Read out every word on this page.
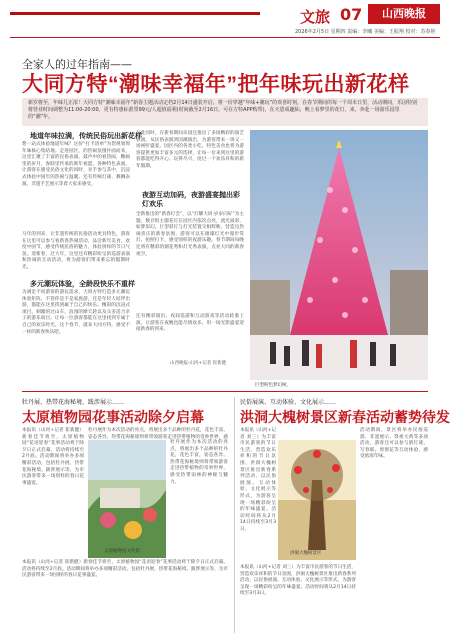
文旅 07	山西晚报
2026年2月5日 星期四 责编：李曦 美编：王振翔 校对：苏春艳
全家人的过年指南——
大同方特“潮味幸福年”把年味玩出新花样
新岁将至，年味儿正浓！大同方特“潮味幸福年”新春主题活动定档2月14日盛装开启。将一份穿越“年味+潮玩”的欢喜时刻，在春节期间的每一个周末日里，活动期间，乐园特别将营业时间调整为11:00-20:00，更有特惠标准票99元/人超值福利(时间截至2月16日，可在方特APP购票)，在天恩成趣仙、晚上看梦里的花灯，来，奔赴一场游乐园里的“潮”年。
地道年味拉满，传统民俗玩出新花样
想一站式体验地道年味？这份“打卡清单”为您规划周年味核心集结地。走进园区，的热闹氛围扑面而来，这里汇聚了丰富的民俗表演，鼓声中的看热闹，糖画里的岁月，春联里传承的新年祝愿。各种特色表演，让游客在感受民俗文化的同时，亲手参与其中，沉浸式体验中国年的热闹与温暖。还有传统灯谜、舞狮表演、非遗手艺展示等着大家来感受。
马年的到来，让非遗传统的民俗活动更具特色，游客在这里可以参与看新春热闹活动，品尝新年美食，欢度中国节，感受传统民俗的魅力，体验别样的节日气氛。迎新春，过大年，这里还有精彩纷呈的巡游表演和热闹的互动活动，将为游客们带来难忘的假期时光。
多元潮玩体验，全龄段快乐不重样
为满足不同游客的游玩需求，大同方特打造多元潮玩体验矩阵，不管你是不是家族游，还是年轻人结伴出游，都能在这里找到属于自己的快乐。精彩的沉浸式项目、刺激的过山车、浪漫的摩天轮以及众多适合亲子的游乐项目，让每一位游客都能在这里找到专属于自己的欢乐时光。这个春节，就来大同方特，感受不一样的新春快乐吧。
与此同时，在新春期间乐园还推出了多场精彩的演艺表演，从民俗表演到国潮演出，为游客带来一场又一场视听盛宴。园区内的各类小吃、特色美食也将为游客提供更加丰富多元的选择，让每一位来到这里的游客都能吃得开心、玩得尽兴，度过一个欢乐祥和的新年假期。
夜游互动加码，夜游盛宴抛出彩灯欢乐
全新推出的“新春灯会”，以“灯耀大同·岁岁向好”为主题，数百组主题花灯在园区内依次点亮，流光溢彩，如梦似幻。巨型彩灯与灯光装置交相辉映，营造出热闹喜庆的新春氛围，游客可以在璀璨灯光中漫步赏灯、拍照打卡，感受别样的夜游乐趣。春节期间每晚还将有精彩的烟花秀和灯光秀表演，点亮大同的新春夜空。
还有精彩演出、夜间巡游和互动游戏等活动轮番上演，让游客在夜晚也能尽情欢乐，用一场光影盛宴迎接新春的到来。
山西晚报·山河+记者 崔新健
巨型粉色梦幻树。
牡丹展、热带花海秘境、跋涉展示……
太原植物园花事活动除夕启幕
本报讯（山河+记者 崔新健）新春佳节将至，太原植物园“花语迎春”花事活动将于除夕日正式启幕，活动将持续至2月底。活动期间将举办多项精彩活动，包括牡丹展、热带花海秘境、跋涉展示等，为市民游客带来一场别样的春日花事盛宴。
牡丹展作为本次活动的亮点，将展出多个品种的牡丹花，花色丰富，姿态各异。热带花海秘境则将带领游客走进热带植物的奇妙世界，感
牡丹展作为本次活动的亮点，将展出多个品种的牡丹花，花色丰富，姿态各异。热带花海秘境则将带领游客走进热带植物的奇妙世界，感受热带雨林的神秘与魅力。
太原植物园文化馆
本报讯（山河+记者 崔新健）新春佳节将至，太原植物园“花语迎春”花事活动将于除夕日正式启幕，活动将持续至2月底。活动期间将举办多项精彩活动，包括牡丹展、热带花海秘境、跋涉展示等，为市民游客带来一场别样的春日花事盛宴。
民俗展演、互动体验、文化展示……
洪洞大槐树景区新春活动蓄势待发
本报讯（山河+记者 刘三）为丰富市民游客的节日生活，营造欢乐祥和的节日氛围，洪洞大槐树景区推出新春系列活动，以民俗展演、互动体验、文化展示等形式，为游客呈现一场精彩纷呈的年味盛宴。活动时间将从2月14日持续至3月3日。
活动期间，景区将举办民俗巡游、非遗展示、祭祖大典等多项活动，游客还可以参与猜灯谜、写春联、剪窗花等互动体验，感受浓浓年味。
洪洞大槐树景区
本报讯（山河+记者 刘三）为丰富市民游客的节日生活，营造欢乐祥和的节日氛围，洪洞大槐树景区推出新春系列活动，以民俗展演、互动体验、文化展示等形式，为游客呈现一场精彩纷呈的年味盛宴。活动时间将从2月14日持续至3月3日。
